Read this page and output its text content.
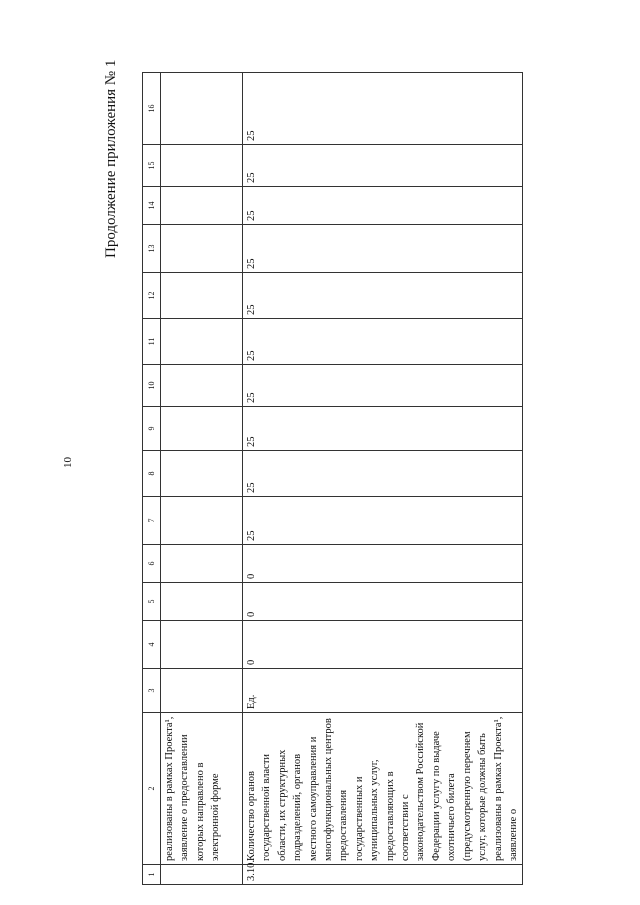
10
Продолжение приложения № 1
1	2	3	4	5	6	7	8	9	10	11	12	13	14	15	16
	реализованы в рамках Проекта¹, заявление о предоставлении которых направлено в электронной форме														
3.10.	Количество органов государственной власти области, их структурных подразделений, органов местного самоуправления и многофункциональных центров предоставления государственных и муниципальных услуг, предоставляющих в соответствии с законодательством Российской Федерации услугу по выдаче охотничьего билета (предусмотренную перечнем услуг, которые должны быть реализованы в рамках Проекта¹, заявление о	Ед.	0	0	0	25	25	25	25	25	25	25	25	25	25
